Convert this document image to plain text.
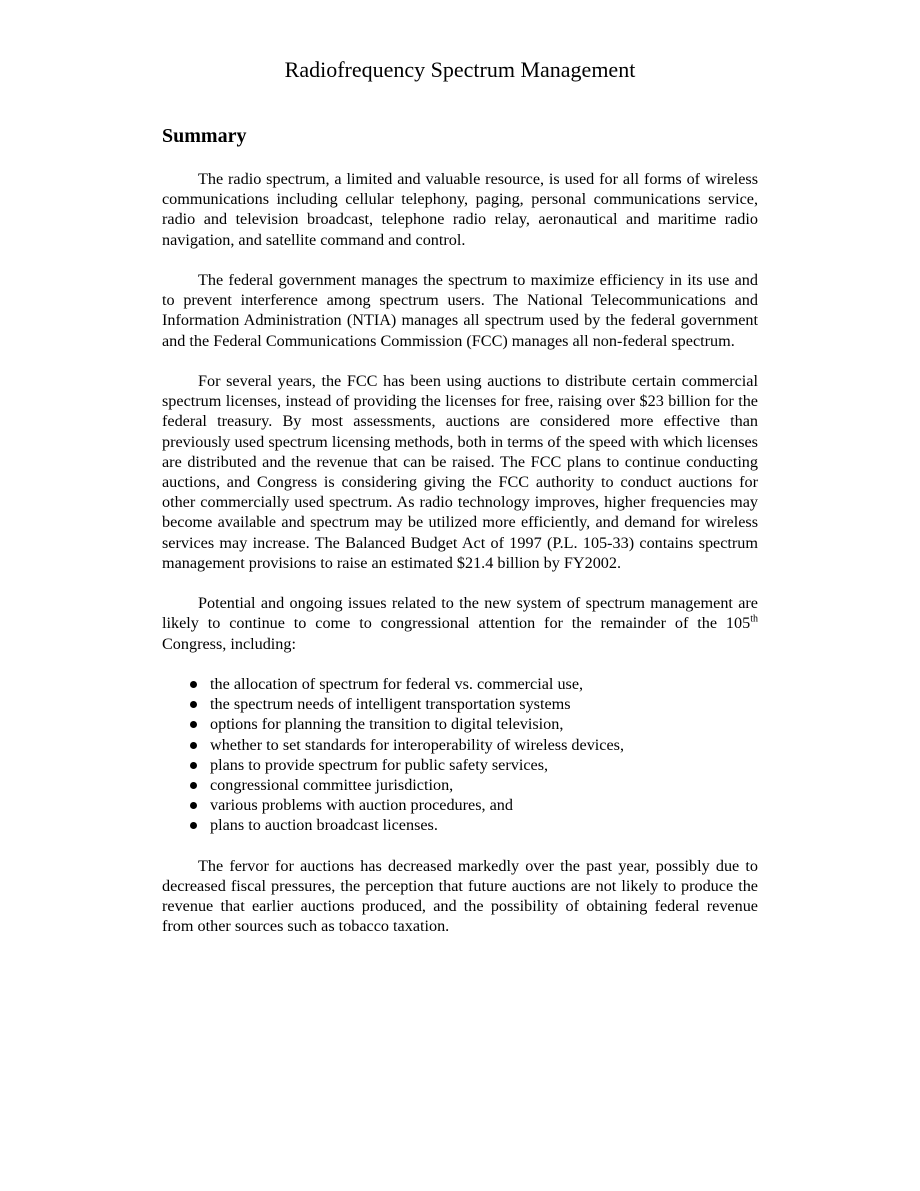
Radiofrequency Spectrum Management
Summary

The radio spectrum, a limited and valuable resource, is used for all forms of wireless communications including cellular telephony, paging, personal communications service, radio and television broadcast, telephone radio relay, aeronautical and maritime radio navigation, and satellite command and control.

The federal government manages the spectrum to maximize efficiency in its use and to prevent interference among spectrum users. The National Telecommunications and Information Administration (NTIA) manages all spectrum used by the federal government and the Federal Communications Commission (FCC) manages all non-federal spectrum.

For several years, the FCC has been using auctions to distribute certain commercial spectrum licenses, instead of providing the licenses for free, raising over $23 billion for the federal treasury. By most assessments, auctions are considered more effective than previously used spectrum licensing methods, both in terms of the speed with which licenses are distributed and the revenue that can be raised. The FCC plans to continue conducting auctions, and Congress is considering giving the FCC authority to conduct auctions for other commercially used spectrum. As radio technology improves, higher frequencies may become available and spectrum may be utilized more efficiently, and demand for wireless services may increase. The Balanced Budget Act of 1997 (P.L. 105-33) contains spectrum management provisions to raise an estimated $21.4 billion by FY2002.

Potential and ongoing issues related to the new system of spectrum management are likely to continue to come to congressional attention for the remainder of the 105th Congress, including:

the allocation of spectrum for federal vs. commercial use,
the spectrum needs of intelligent transportation systems
options for planning the transition to digital television,
whether to set standards for interoperability of wireless devices,
plans to provide spectrum for public safety services,
congressional committee jurisdiction,
various problems with auction procedures, and
plans to auction broadcast licenses.

The fervor for auctions has decreased markedly over the past year, possibly due to decreased fiscal pressures, the perception that future auctions are not likely to produce the revenue that earlier auctions produced, and the possibility of obtaining federal revenue from other sources such as tobacco taxation.
